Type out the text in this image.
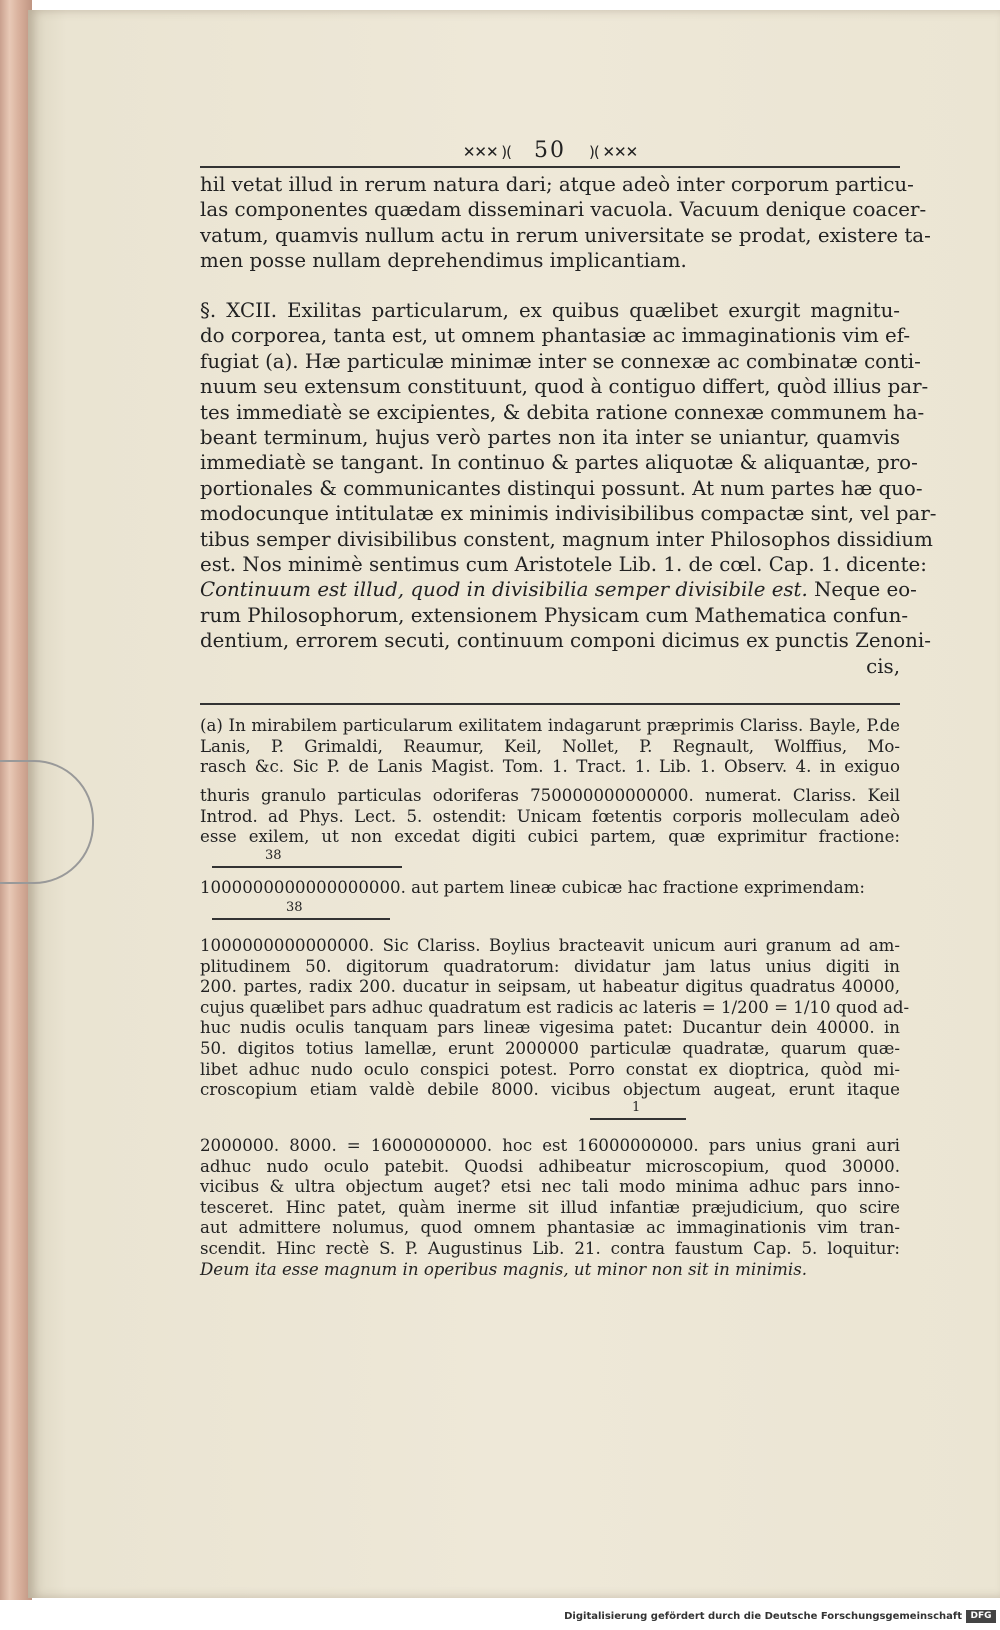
✕✕✕ )( 50 )( ✕✕✕
hil vetat illud in rerum natura dari; atque adeò inter corporum particu-
las componentes quædam disseminari vacuola. Vacuum denique coacer-
vatum, quamvis nullum actu in rerum universitate se prodat, existere ta-
men posse nullam deprehendimus implicantiam.
§. XCII. Exilitas particularum, ex quibus quælibet exurgit magnitu-
do corporea, tanta est, ut omnem phantasiæ ac immaginationis vim ef-
fugiat (a). Hæ particulæ minimæ inter se connexæ ac combinatæ conti-
nuum seu extensum constituunt, quod à contiguo differt, quòd illius par-
tes immediatè se excipientes, & debita ratione connexæ communem ha-
beant terminum, hujus verò partes non ita inter se uniantur, quamvis
immediatè se tangant. In continuo & partes aliquotæ & aliquantæ, pro-
portionales & communicantes distinqui possunt. At num partes hæ quo-
modocunque intitulatæ ex minimis indivisibilibus compactæ sint, vel par-
tibus semper divisibilibus constent, magnum inter Philosophos dissidium
est. Nos minimè sentimus cum Aristotele Lib. 1. de cœl. Cap. 1. dicente:
Continuum est illud, quod in divisibilia semper divisibile est. Neque eo-
rum Philosophorum, extensionem Physicam cum Mathematica confun-
dentium, errorem secuti, continuum componi dicimus ex punctis Zenoni-
cis,
(a) In mirabilem particularum exilitatem indagarunt præprimis Clariss. Bayle, P.de
Lanis, P. Grimaldi, Reaumur, Keil, Nollet, P. Regnault, Wolffius, Mo-
rasch &c. Sic P. de Lanis Magist. Tom. 1. Tract. 1. Lib. 1. Observ. 4. in exiguo
thuris granulo particulas odoriferas 750000000000000. numerat. Clariss. Keil
Introd. ad Phys. Lect. 5. ostendit: Unicam fœtentis corporis molleculam adeò
esse exilem, ut non excedat digiti cubici partem, quæ exprimitur fractione:
38
1000000000000000000. aut partem lineæ cubicæ hac fractione exprimendam:
38
1000000000000000. Sic Clariss. Boylius bracteavit unicum auri granum ad am-
plitudinem 50. digitorum quadratorum: dividatur jam latus unius digiti in
200. partes, radix 200. ducatur in seipsam, ut habeatur digitus quadratus 40000,
cujus quælibet pars adhuc quadratum est radicis ac lateris = 1/200 = 1/10 quod ad-
huc nudis oculis tanquam pars lineæ vigesima patet: Ducantur dein 40000. in
50. digitos totius lamellæ, erunt 2000000 particulæ quadratæ, quarum quæ-
libet adhuc nudo oculo conspici potest. Porro constat ex dioptrica, quòd mi-
croscopium etiam valdè debile 8000. vicibus objectum augeat, erunt itaque
1
2000000. 8000. = 16000000000. hoc est 16000000000. pars unius grani auri
adhuc nudo oculo patebit. Quodsi adhibeatur microscopium, quod 30000.
vicibus & ultra objectum auget? etsi nec tali modo minima adhuc pars inno-
tesceret. Hinc patet, quàm inerme sit illud infantiæ præjudicium, quo scire
aut admittere nolumus, quod omnem phantasiæ ac immaginationis vim tran-
scendit. Hinc rectè S. P. Augustinus Lib. 21. contra faustum Cap. 5. loquitur:
Deum ita esse magnum in operibus magnis, ut minor non sit in minimis.
Digitalisierung gefördert durch die Deutsche Forschungsgemeinschaft DFG
